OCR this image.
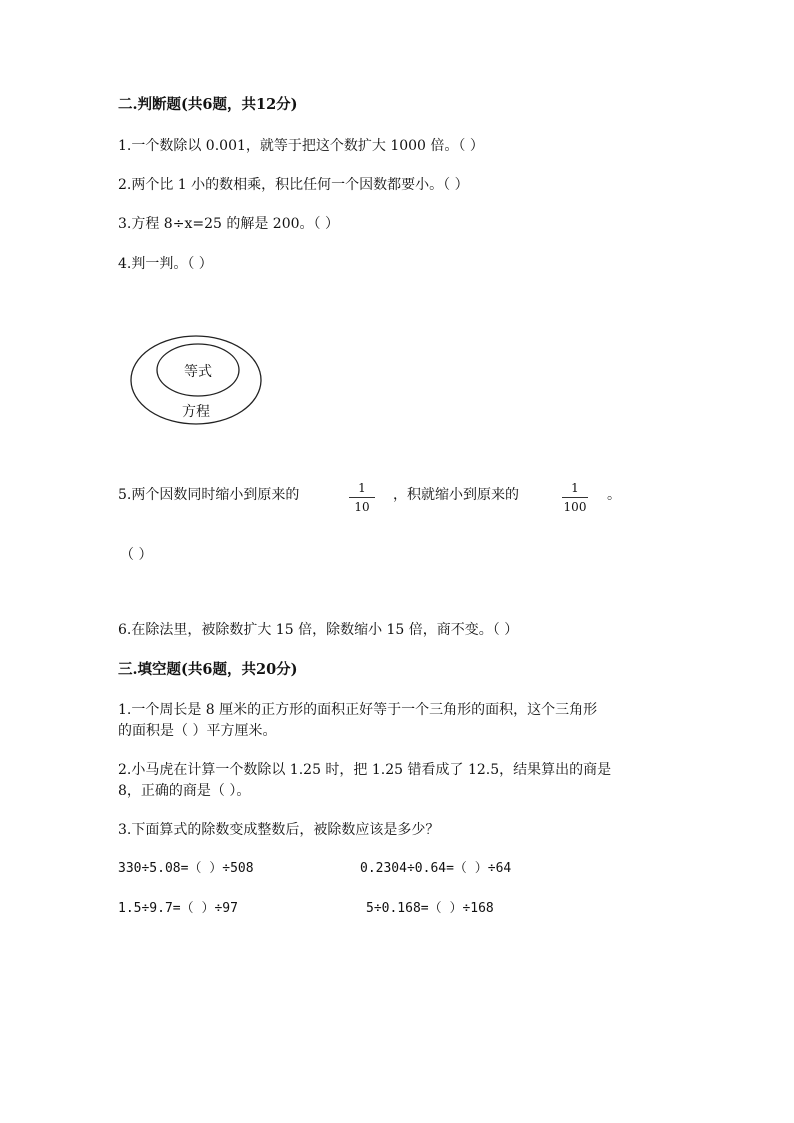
二.判断题(共6题，共12分)
1.一个数除以 0.001，就等于把这个数扩大 1000 倍。（ ）
2.两个比 1 小的数相乘，积比任何一个因数都要小。（ ）
3.方程 8÷x=25 的解是 200。（ ）
4.判一判。（ ）
等式
方程
5.两个因数同时缩小到原来的	1
10
，积就缩小到原来的	1
100
。
（ ）
6.在除法里，被除数扩大 15 倍，除数缩小 15 倍，商不变。（ ）
三.填空题(共6题，共20分)
1.一个周长是 8 厘米的正方形的面积正好等于一个三角形的面积，这个三角形
的面积是（ ）平方厘米。
2.小马虎在计算一个数除以 1.25 时，把 1.25 错看成了 12.5，结果算出的商是
8，正确的商是（ ）。
3.下面算式的除数变成整数后，被除数应该是多少？
330÷5.08=（ ）÷508	0.2304÷0.64=（ ）÷64
1.5÷9.7=（ ）÷97	5÷0.168=（ ）÷168
